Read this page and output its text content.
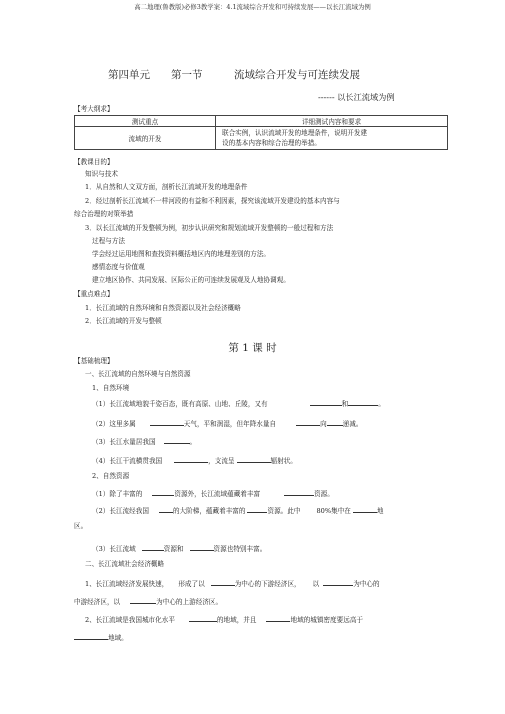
高二地理(鲁教版)必修3教学案：4.1流域综合开发和可持续发展——以长江流域为例
第四单元　　第一节　　　流域综合开发与可连续发展
------ 以长江流域为例
【考大纲求】
测试重点	详细测试内容和要求
流域的开发	联合实例，认识流域开发的地理条件，说明开发建
设的基本内容和综合治理的举措。
【教课目的】
知识与技术
1．从自然和人文双方面，剖析长江流域开发的地理条件
2．经过剖析长江流域不一样河段的有益和不利因素，探究该流域开发建设的基本内容与
综合治理的对策举措
3．以长江流域的开发整顿为例，初步认识研究和规划流域开发整顿的一般过程和方法
过程与方法
学会经过运用地图和查找资料概括地区内的地理差别的方法。
感情态度与价值观
建立地区协作、共同发展、区际公正的可连续发展观及人地协调观。
【重点难点】
1．长江流域的自然环境和自然资源以及社会经济概略
2．长江流域的开发与整顿
第 1 课 时
【基础梳理】
一、长江流域的自然环境与自然资源
1、自然环境
（1）长江流域地貌千姿百态，既有高原、山地、丘陵，又有	和	。
（2）这里多属	天气，平和润湿，但年降水量自	向 递减。
（3）长江水量居我国	。
（4）长江干流横贯我国	，支流呈	辐射状。
2、自然资源
（1）除了丰富的	资源外，长江流域蕴藏着丰富	资源。
（2）长江流经我国	的大阶梯，蕴藏着丰富的	资源。此中 80%集中在	地
区。
（3）长江流域	资源和	资源也特别丰富。
二、长江流域社会经济概略
1、长江流域经济发展快速， 形成了以	为中心的下游经济区， 以	为中心的
中游经济区，以	为中心的上游经济区。
2、长江流域是我国城市化水平	的地域，并且	地域的城镇密度要远高于
地域。
